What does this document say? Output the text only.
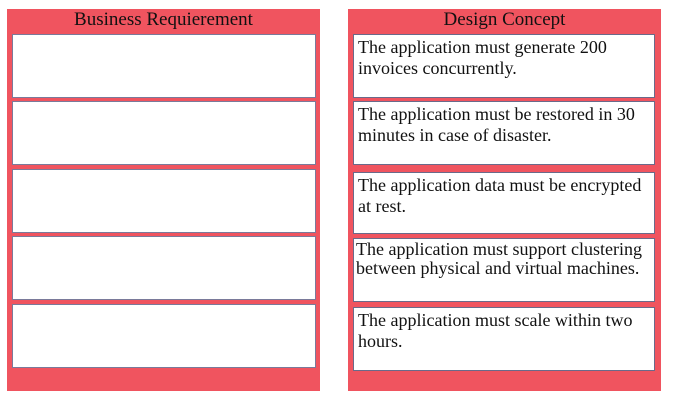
Business Requierement	Design Concept
The application must generate 200 invoices concurrently.
The application must be restored in 30 minutes in case of disaster.
The application data must be encrypted at rest.
The application must support clustering between physical and virtual machines.
The application must scale within two hours.
